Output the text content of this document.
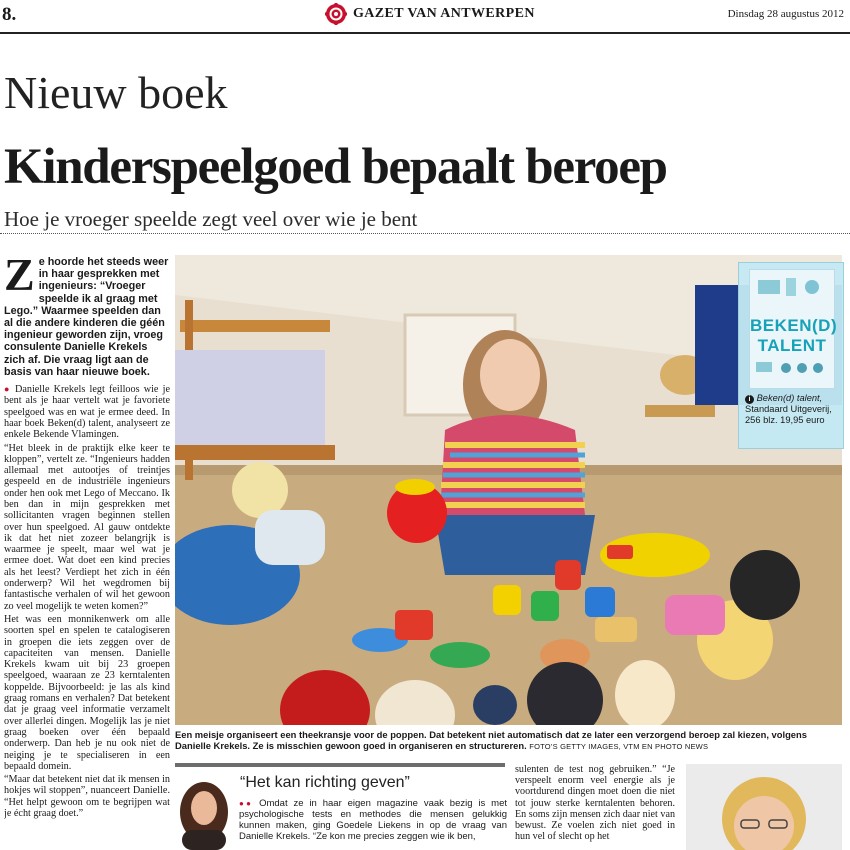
8.	GAZET VAN ANTWERPEN	Dinsdag 28 augustus 2012
Nieuw boek
Kinderspeelgoed bepaalt beroep
Hoe je vroeger speelde zegt veel over wie je bent

Ze hoorde het steeds weer in haar gesprekken met ingenieurs: “Vroeger speelde ik al graag met Lego.” Waarmee speelden dan al die andere kinderen die géén ingenieur geworden zijn, vroeg consulente Danielle Krekels zich af. Die vraag ligt aan de basis van haar nieuwe boek.

● Danielle Krekels legt feilloos wie je bent als je haar vertelt wat je favoriete speelgoed was en wat je ermee deed. In haar boek Beken(d) talent, analyseert ze enkele Bekende Vlamingen.

“Het bleek in de praktijk elke keer te kloppen”, vertelt ze. “Ingenieurs hadden allemaal met autootjes of treintjes gespeeld en de industriële ingenieurs onder hen ook met Lego of Meccano. Ik ben dan in mijn gesprekken met sollicitanten vragen beginnen stellen over hun speelgoed. Al gauw ontdekte ik dat het niet zozeer belangrijk is waarmee je speelt, maar wel wat je ermee doet. Wat doet een kind precies als het leest? Verdiept het zich in één onderwerp? Wil het wegdromen bij fantastische verhalen of wil het gewoon zo veel mogelijk te weten komen?”

Het was een monnikenwerk om alle soorten spel en spelen te catalogiseren in groepen die iets zeggen over de capaciteiten van mensen. Danielle Krekels kwam uit bij 23 groepen speelgoed, waaraan ze 23 kerntalenten koppelde. Bijvoorbeeld: je las als kind graag romans en verhalen? Dat betekent dat je graag veel informatie verzamelt over allerlei dingen. Mogelijk las je niet graag boeken over één bepaald onderwerp. Dan heb je nu ook niet de neiging je te specialiseren in een bepaald domein.

“Maar dat betekent niet dat ik mensen in hokjes wil stoppen”, nuanceert Danielle. “Het helpt gewoon om te begrijpen wat je écht graag doet.”

BEKEN(D)
TALENT
i Beken(d) talent, Standaard Uitgeverij, 256 blz. 19,95 euro
Een meisje organiseert een theekransje voor de poppen. Dat betekent niet automatisch dat ze later een verzorgend beroep zal kiezen, volgens Danielle Krekels. Ze is misschien gewoon goed in organiseren en structureren. FOTO’S GETTY IMAGES, VTM EN PHOTO NEWS
“Het kan richting geven”

●● Omdat ze in haar eigen magazine vaak bezig is met psychologische tests en methodes die mensen gelukkig kunnen maken, ging Goedele Liekens in op de vraag van Danielle Krekels. “Ze kon me precies zeggen wie ik ben,

sulenten de test nog gebruiken.” “Je verspeelt enorm veel energie als je voortdurend dingen moet doen die niet tot jouw sterke kerntalenten behoren. En soms zijn mensen zich daar niet van bewust. Ze voelen zich niet goed in hun vel of slecht op het
